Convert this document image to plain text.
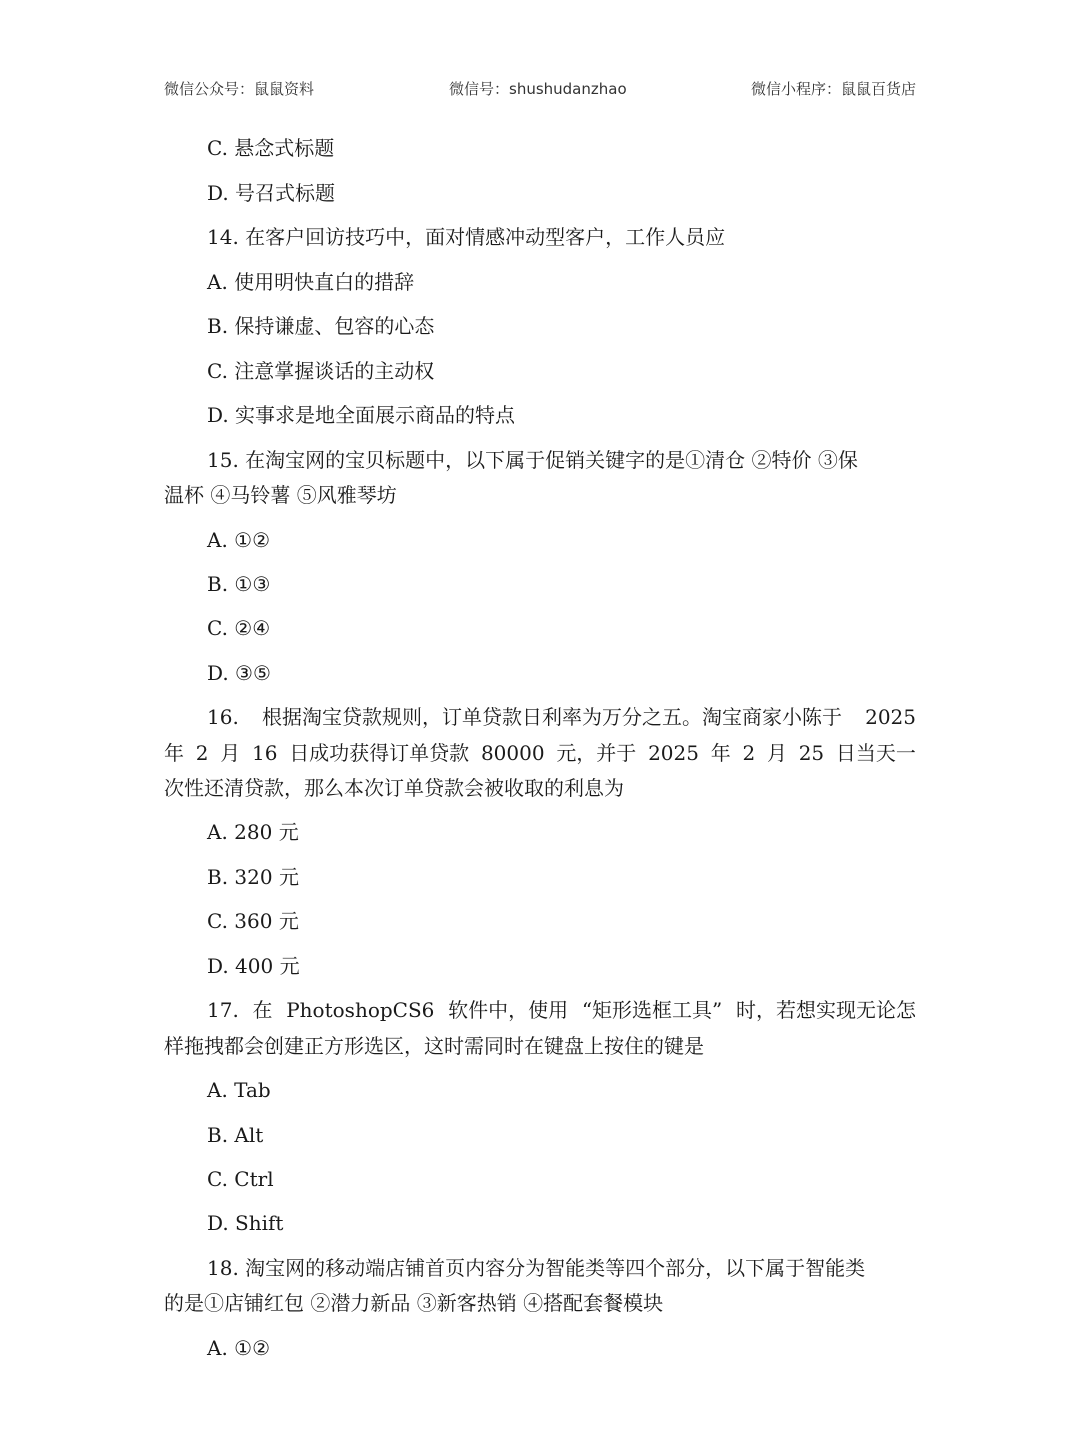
微信公众号：鼠鼠资料	微信号：shushudanzhao	微信小程序：鼠鼠百货店
C. 悬念式标题
D. 号召式标题
14. 在客户回访技巧中，面对情感冲动型客户，工作人员应
A. 使用明快直白的措辞
B. 保持谦虚、包容的心态
C. 注意掌握谈话的主动权
D. 实事求是地全面展示商品的特点
15. 在淘宝网的宝贝标题中，以下属于促销关键字的是①清仓 ②特价 ③保
温杯 ④马铃薯 ⑤风雅琴坊
A. ①②
B. ①③
C. ②④
D. ③⑤
16. 根据淘宝贷款规则，订单贷款日利率为万分之五。淘宝商家小陈于 2025
年 2 月 16 日成功获得订单贷款 80000 元，并于 2025 年 2 月 25 日当天一
次性还清贷款，那么本次订单贷款会被收取的利息为
A. 280 元
B. 320 元
C. 360 元
D. 400 元
17. 在 PhotoshopCS6 软件中，使用 “矩形选框工具” 时，若想实现无论怎
样拖拽都会创建正方形选区，这时需同时在键盘上按住的键是
A. Tab
B. Alt
C. Ctrl
D. Shift
18. 淘宝网的移动端店铺首页内容分为智能类等四个部分，以下属于智能类
的是①店铺红包 ②潜力新品 ③新客热销 ④搭配套餐模块
A. ①②
